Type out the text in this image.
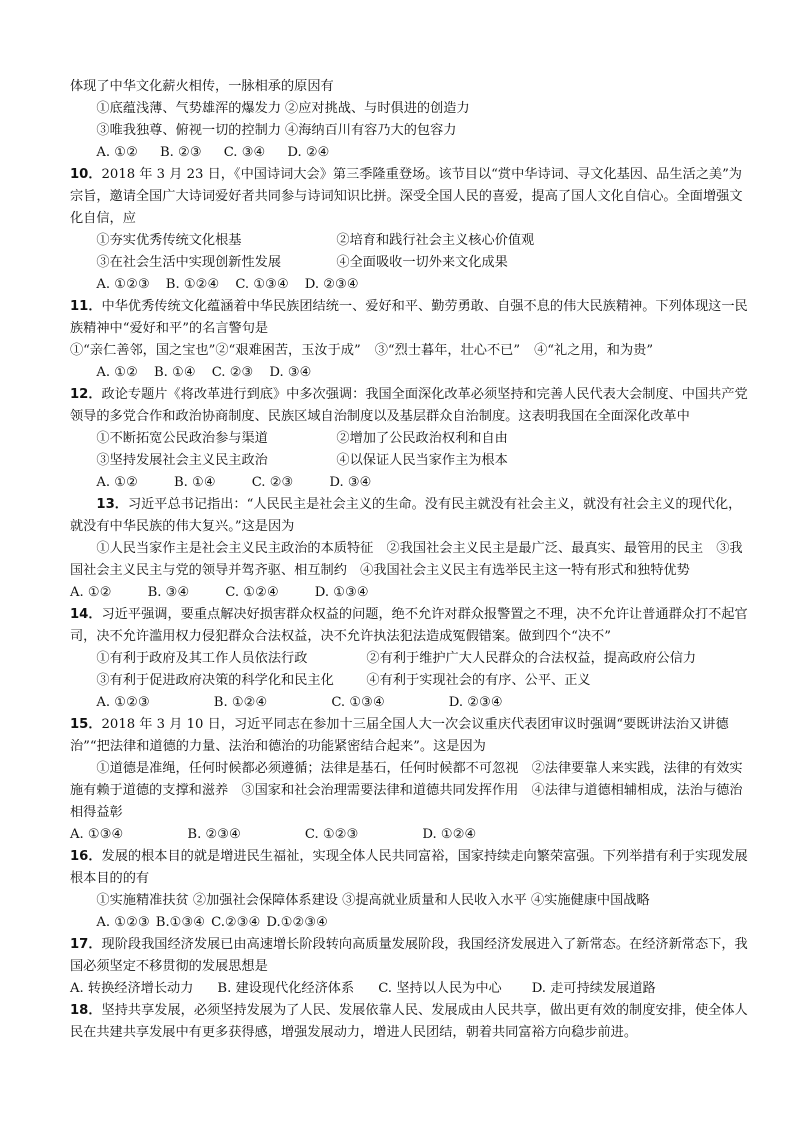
体现了中华文化薪火相传，一脉相承的原因有

①底蕴浅薄、气势雄浑的爆发力 ②应对挑战、与时俱进的创造力
③唯我独尊、俯视一切的控制力 ④海纳百川有容乃大的包容力

A. ①② B. ②③ C. ③④ D. ②④

10．2018 年 3 月 23 日，《中国诗词大会》第三季隆重登场。该节目以“赏中华诗词、寻文化基因、品生活之美”为宗旨，邀请全国广大诗词爱好者共同参与诗词知识比拼。深受全国人民的喜爱，提高了国人文化自信心。全面增强文化自信，应

①夯实优秀传统文化根基	②培育和践行社会主义核心价值观
③在社会生活中实现创新性发展	④全面吸收一切外来文化成果

A. ①②③ B. ①②④ C. ①③④ D. ②③④

11．中华优秀传统文化蕴涵着中华民族团结统一、爱好和平、勤劳勇敢、自强不息的伟大民族精神。下列体现这一民族精神中“爱好和平”的名言警句是

①“亲仁善邻，国之宝也” ②“艰难困苦，玉汝于成” ③“烈士暮年，壮心不已” ④“礼之用，和为贵”

A. ①② B. ①④ C. ②③ D. ③④

12．政论专题片《将改革进行到底》中多次强调：我国全面深化改革必须坚持和完善人民代表大会制度、中国共产党领导的多党合作和政治协商制度、民族区域自治制度以及基层群众自治制度。这表明我国在全面深化改革中

①不断拓宽公民政治参与渠道	②增加了公民政治权利和自由
③坚持发展社会主义民主政治	④以保证人民当家作主为根本

A. ①②	B. ①④	C. ②③	D. ③④

13．习近平总书记指出：“人民民主是社会主义的生命。没有民主就没有社会主义，就没有社会主义的现代化，就没有中华民族的伟大复兴。”这是因为

①人民当家作主是社会主义民主政治的本质特征　②我国社会主义民主是最广泛、最真实、最管用的民主　③我国社会主义民主与党的领导并驾齐驱、相互制约　④我国社会主义民主有选举民主这一特有形式和独特优势

A. ①②	B. ③④	C. ①②④	D. ①③④

14．习近平强调，要重点解决好损害群众权益的问题，绝不允许对群众报警置之不理，决不允许让普通群众打不起官司，决不允许滥用权力侵犯群众合法权益，决不允许执法犯法造成冤假错案。做到四个“决不”

①有利于政府及其工作人员依法行政	②有利于维护广大人民群众的合法权益，提高政府公信力
③有利于促进政府决策的科学化和民主化	④有利于实现社会的有序、公平、正义

A. ①②③	B. ①②④	C. ①③④	D. ②③④

15．2018 年 3 月 10 日，习近平同志在参加十三届全国人大一次会议重庆代表团审议时强调“要既讲法治又讲德治”“把法律和道德的力量、法治和德治的功能紧密结合起来”。这是因为

①道德是准绳，任何时候都必须遵循；法律是基石，任何时候都不可忽视　②法律要靠人来实践，法律的有效实施有赖于道德的支撑和滋养　③国家和社会治理需要法律和道德共同发挥作用　④法律与道德相辅相成，法治与德治相得益彰

A. ①③④	B. ②③④	C. ①②③	D. ①②④

16．发展的根本目的就是增进民生福祉，实现全体人民共同富裕，国家持续走向繁荣富强。下列举措有利于实现发展根本目的的有

①实施精准扶贫 ②加强社会保障体系建设 ③提高就业质量和人民收入水平 ④实施健康中国战略

A. ①②③ B.①③④ C.②③④ D.①②③④

17．现阶段我国经济发展已由高速增长阶段转向高质量发展阶段，我国经济发展进入了新常态。在经济新常态下，我国必须坚定不移贯彻的发展思想是

A. 转换经济增长动力 B. 建设现代化经济体系 C. 坚持以人民为中心 D. 走可持续发展道路

18．坚持共享发展，必须坚持发展为了人民、发展依靠人民、发展成由人民共享，做出更有效的制度安排，使全体人民在共建共享发展中有更多获得感，增强发展动力，增进人民团结，朝着共同富裕方向稳步前进。
